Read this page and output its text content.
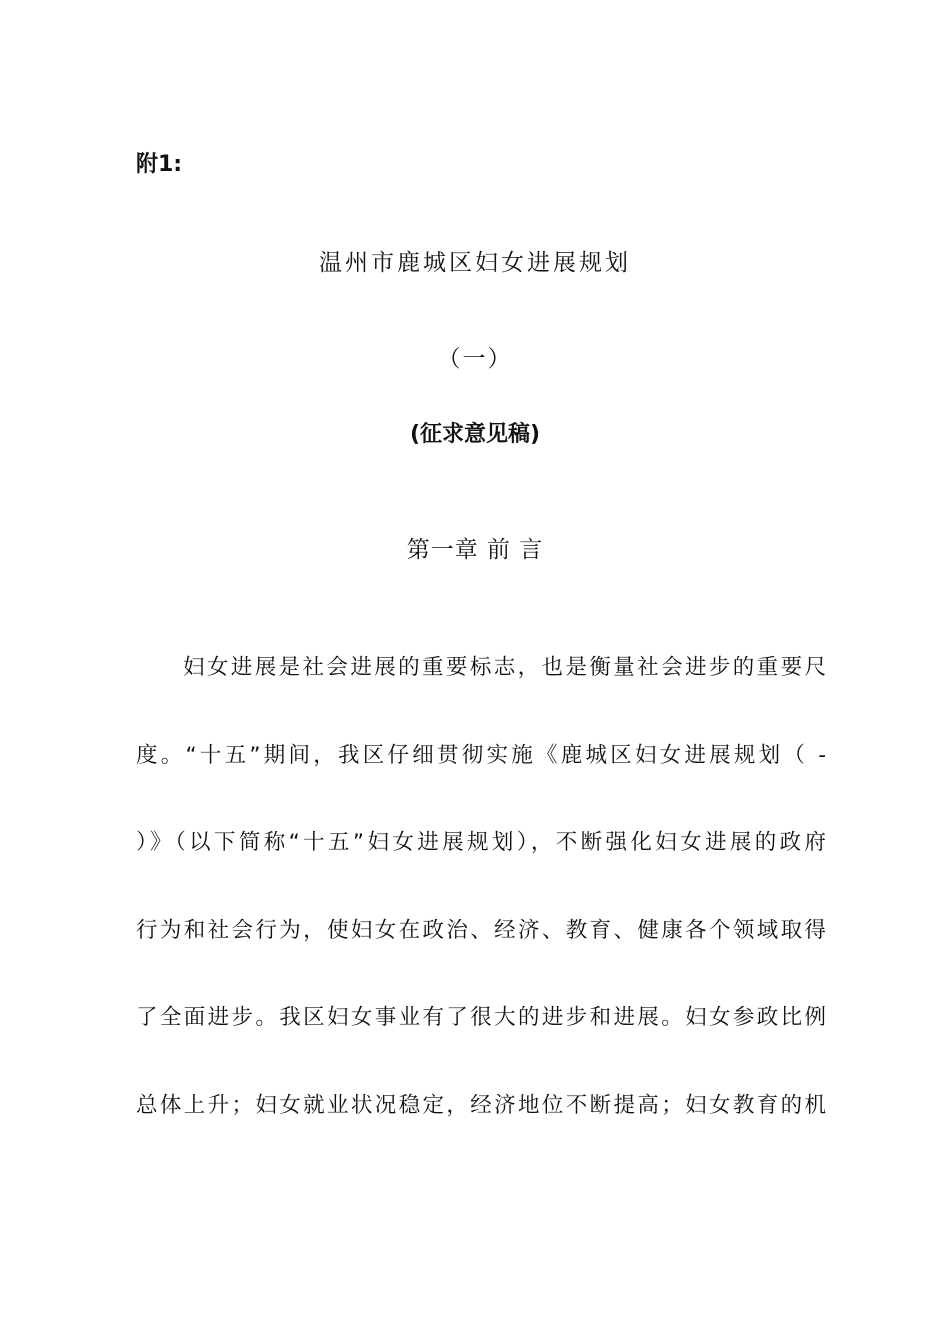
附1:
温州市鹿城区妇女进展规划
（一）
(征求意见稿)
第一章 前 言
妇女进展是社会进展的重要标志，也是衡量社会进步的重要尺
度。“十五”期间，我区仔细贯彻实施《鹿城区妇女进展规划（ -
）》（以下简称“十五”妇女进展规划），不断强化妇女进展的政府
行为和社会行为，使妇女在政治、经济、教育、健康各个领域取得
了全面进步。我区妇女事业有了很大的进步和进展。妇女参政比例
总体上升；妇女就业状况稳定，经济地位不断提高；妇女教育的机
